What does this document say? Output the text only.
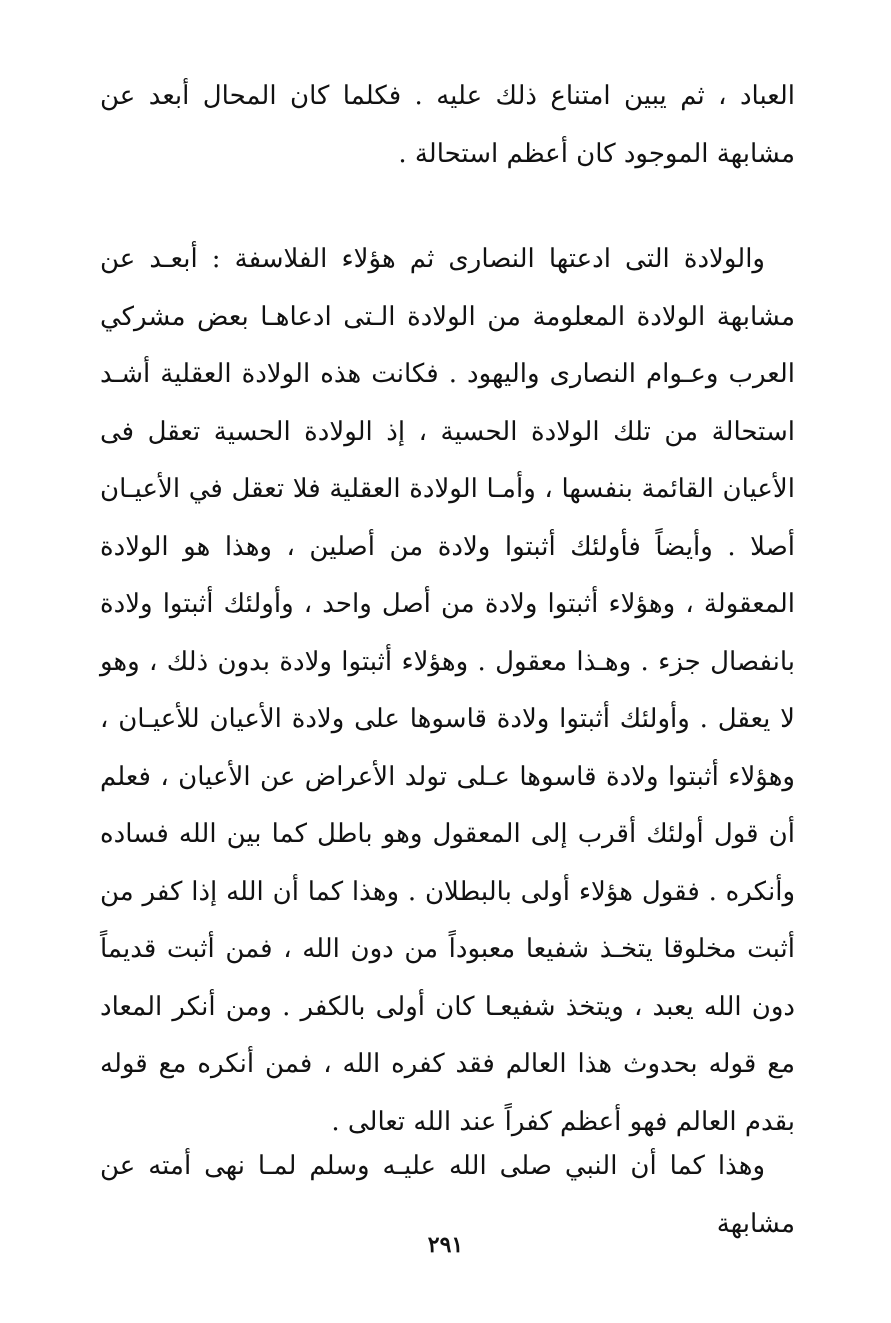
العباد ، ثم يبين امتناع ذلك عليه . فكلما كان المحال أبعد عن مشابهة الموجود كان أعظم استحالة .

والولادة التى ادعتها النصارى ثم هؤلاء الفلاسفة : أبعـد عن مشابهة الولادة المعلومة من الولادة الـتى ادعاهـا بعض مشركي العرب وعـوام النصارى واليهود . فكانت هذه الولادة العقلية أشـد استحالة من تلك الولادة الحسية ، إذ الولادة الحسية تعقل فى الأعيان القائمة بنفسها ، وأمـا الولادة العقلية فلا تعقل في الأعيـان أصلا . وأيضاً فأولئك أثبتوا ولادة من أصلين ، وهذا هو الولادة المعقولة ، وهؤلاء أثبتوا ولادة من أصل واحد ، وأولئك أثبتوا ولادة بانفصال جزء . وهـذا معقول . وهؤلاء أثبتوا ولادة بدون ذلك ، وهو لا يعقل . وأولئك أثبتوا ولادة قاسوها على ولادة الأعيان للأعيـان ، وهؤلاء أثبتوا ولادة قاسوها عـلى تولد الأعراض عن الأعيان ، فعلم أن قول أولئك أقرب إلى المعقول وهو باطل كما بين الله فساده وأنكره . فقول هؤلاء أولى بالبطلان . وهذا كما أن الله إذا كفر من أثبت مخلوقا يتخـذ شفيعا معبوداً من دون الله ، فمن أثبت قديماً دون الله يعبد ، ويتخذ شفيعـا كان أولى بالكفر . ومن أنكر المعاد مع قوله بحدوث هذا العالم فقد كفره الله ، فمن أنكره مع قوله بقدم العالم فهو أعظم كفراً عند الله تعالى .

وهذا كما أن النبي صلى الله عليـه وسلم لمـا نهى أمته عن مشابهة

٢٩١
